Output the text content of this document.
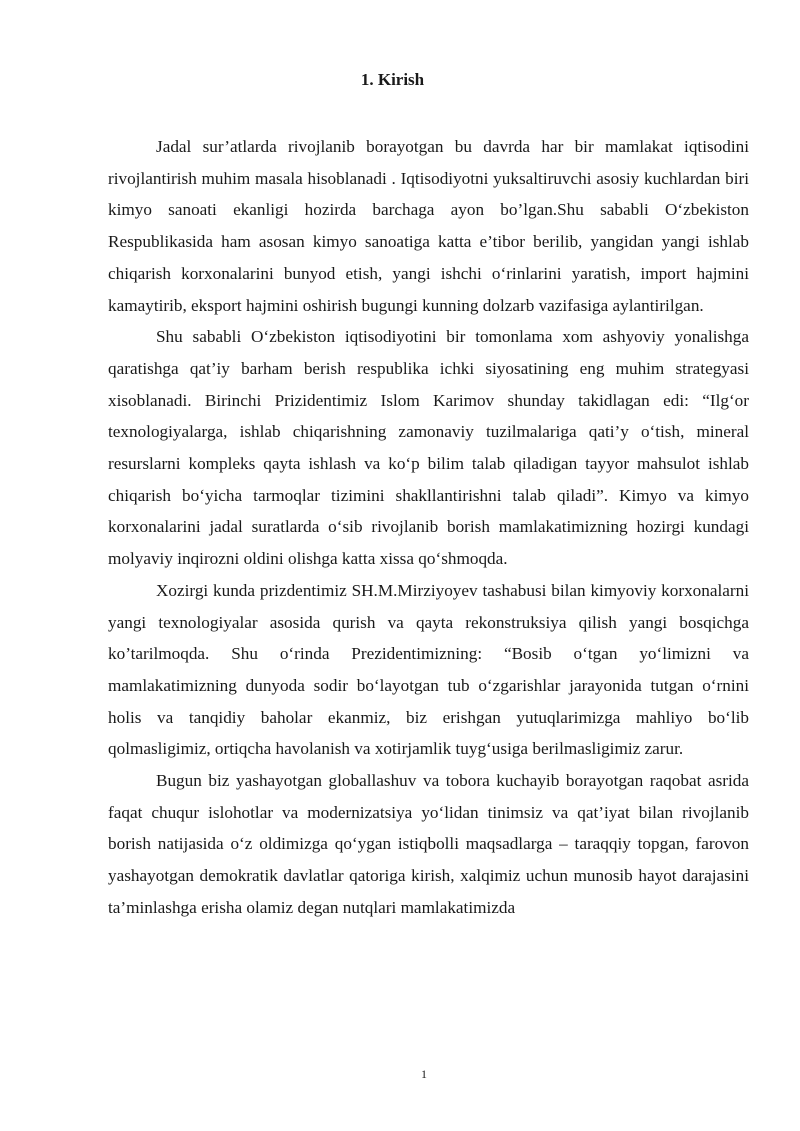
1. Kirish

Jadal sur’atlarda rivojlanib borayotgan bu davrda har bir mamlakat iqtisodini rivojlantirish muhim masala hisoblanadi . Iqtisodiyotni yuksaltiruvchi asosiy kuchlardan biri kimyo sanoati ekanligi hozirda barchaga ayon bo’lgan.Shu sababli O‘zbekiston Respublikasida ham asosan kimyo sanoatiga katta e’tibor berilib, yangidan yangi ishlab chiqarish korxonalarini bunyod etish, yangi ishchi o‘rinlarini yaratish, import hajmini kamaytirib, eksport hajmini oshirish bugungi kunning dolzarb vazifasiga aylantirilgan.

Shu sababli O‘zbekiston iqtisodiyotini bir tomonlama xom ashyoviy yonalishga qaratishga qat’iy barham berish respublika ichki siyosatining eng muhim strategyasi xisoblanadi. Birinchi Prizidentimiz Islom Karimov shunday takidlagan edi: “Ilg‘or texnologiyalarga, ishlab chiqarishning zamonaviy tuzilmalariga qati’y o‘tish, mineral resurslarni kompleks qayta ishlash va ko‘p bilim talab qiladigan tayyor mahsulot ishlab chiqarish bo‘yicha tarmoqlar tizimini shakllantirishni talab qiladi”. Kimyo va kimyo korxonalarini jadal suratlarda o‘sib rivojlanib borish mamlakatimizning hozirgi kundagi molyaviy inqirozni oldini olishga katta xissa qo‘shmoqda.

Xozirgi kunda prizdentimiz SH.M.Mirziyoyev tashabusi bilan kimyoviy korxonalarni yangi texnologiyalar asosida qurish va qayta rekonstruksiya qilish yangi bosqichga ko’tarilmoqda. Shu o‘rinda Prezidentimizning: “Bosib o‘tgan yo‘limizni va mamlakatimizning dunyoda sodir bo‘layotgan tub o‘zgarishlar jarayonida tutgan o‘rnini holis va tanqidiy baholar ekanmiz, biz erishgan yutuqlarimizga mahliyo bo‘lib qolmasligimiz, ortiqcha havolanish va xotirjamlik tuyg‘usiga berilmasligimiz zarur.

Bugun biz yashayotgan globallashuv va tobora kuchayib borayotgan raqobat asrida faqat chuqur islohotlar va modernizatsiya yo‘lidan tinimsiz va qat’iyat bilan rivojlanib borish natijasida o‘z oldimizga qo‘ygan istiqbolli maqsadlarga – taraqqiy topgan, farovon yashayotgan demokratik davlatlar qatoriga kirish, xalqimiz uchun munosib hayot darajasini ta’minlashga erisha olamiz degan nutqlari mamlakatimizda

1
